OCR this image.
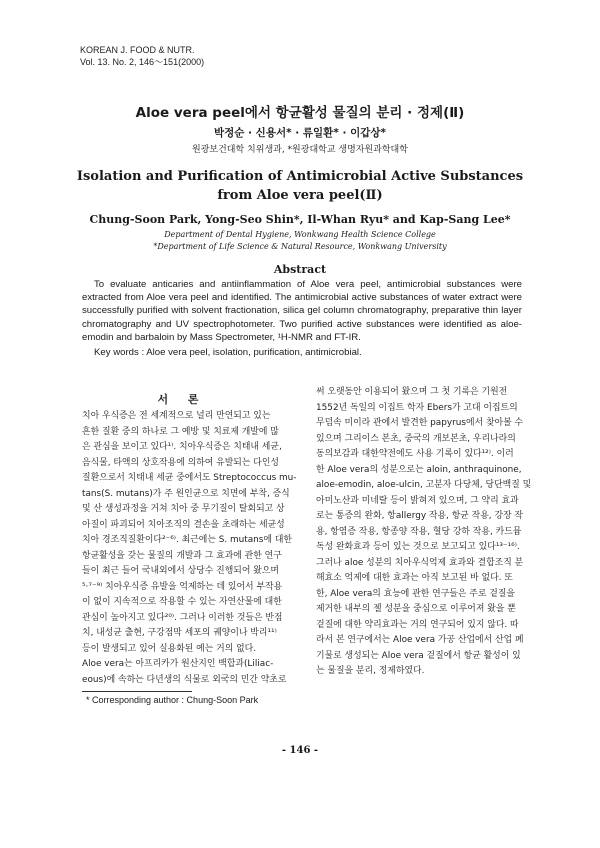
KOREAN J. FOOD & NUTR.
Vol. 13. No. 2, 146～151(2000)
Aloe vera peel에서 항균활성 물질의 분리 · 정제(Ⅱ)
박정순 · 신용서* · 류일환* · 이갑상*
원광보건대학 치위생과, *원광대학교 생명자원과학대학
Isolation and Purification of Antimicrobial Active Substances
from Aloe vera peel(Ⅱ)
Chung-Soon Park, Yong-Seo Shin*, Il-Whan Ryu* and Kap-Sang Lee*
Department of Dental Hygiene, Wonkwang Health Science College
*Department of Life Science & Natural Resource, Wonkwang University
Abstract
To evaluate anticaries and antiinflammation of Aloe vera peel, antimicrobial substances were extracted from Aloe vera peel and identified. The antimicrobial active substances of water extract were successfully purified with solvent fractionation, silica gel column chromatography, preparative thin layer chromatography and UV spectrophotometer. Two purified active substances were identified as aloe-emodin and barbaloin by Mass Spectrometer, ¹H-NMR and FT-IR.
Key words : Aloe vera peel, isolation, purification, antimicrobial.
서 론
치아 우식증은 전 세계적으로 널리 만연되고 있는
흔한 질환 중의 하나로 그 예방 및 치료제 개발에 많
은 관심을 보이고 있다¹⁾. 치아우식증은 치태내 세균,
음식물, 타액의 상호작용에 의하여 유발되는 다인성
질환으로서 치태내 세균 중에서도 Streptococcus mu-
tans(S. mutans)가 주 원인균으로 치면에 부착, 증식
및 산 생성과정을 거쳐 치아 중 무기질이 탈회되고 상
아질이 파괴되어 치아조직의 결손을 초래하는 세균성
치아 경조직질환이다²⁻⁶⁾. 최근에는 S. mutans에 대한
항균활성을 갖는 물질의 개발과 그 효과에 관한 연구
들이 최근 들어 국내외에서 상당수 진행되어 왔으며
⁵·⁷⁻⁹⁾ 치아우식증 유발을 억제하는 데 있어서 부작용
이 없이 지속적으로 작용할 수 있는 자연산물에 대한
관심이 높아지고 있다²⁰⁾. 그러나 이러한 것들은 반점
치, 내성균 출현, 구강점막 세포의 궤양이나 박리¹¹⁾
등이 발생되고 있어 실용화된 예는 거의 없다.
Aloe vera는 아프리카가 원산지인 백합과(Liliac-
eous)에 속하는 다년생의 식물로 외국의 민간 약초로
써 오랫동안 이용되어 왔으며 그 첫 기록은 기원전
1552년 독일의 이집트 학자 Ebers가 고대 이집트의
무덤속 미이라 관에서 발견한 papyrus에서 찾아볼 수
있으며 그리이스 본초, 중국의 개보본초, 우리나라의
동의보감과 대한약전에도 사용 기록이 있다¹²⁾. 이러
한 Aloe vera의 성분으로는 aloin, anthraquinone,
aloe-emodin, aloe-ulcin, 고분자 다당체, 당단백질 및
아미노산과 미네랄 등이 밝혀져 있으며, 그 약리 효과
로는 통증의 완화, 항allergy 작용, 항균 작용, 강장 작
용, 항염증 작용, 항종양 작용, 혈당 강하 작용, 카드뮴
독성 완화효과 등이 있는 것으로 보고되고 있다¹³⁻¹⁶⁾.
그러나 aloe 성분의 치아우식억제 효과와 결합조직 분
해효소 억제에 대한 효과는 아직 보고된 바 없다. 또
한, Aloe vera의 효능에 관한 연구들은 주로 겉질을
제거한 내부의 젤 성분을 중심으로 이루어져 왔을 뿐
겉질에 대한 약리효과는 거의 연구되어 있지 않다. 따
라서 본 연구에서는 Aloe vera 가공 산업에서 산업 폐
기물로 생성되는 Aloe vera 겉질에서 항균 활성이 있
는 물질을 분리, 정제하였다.
* Corresponding author : Chung-Soon Park
- 146 -
